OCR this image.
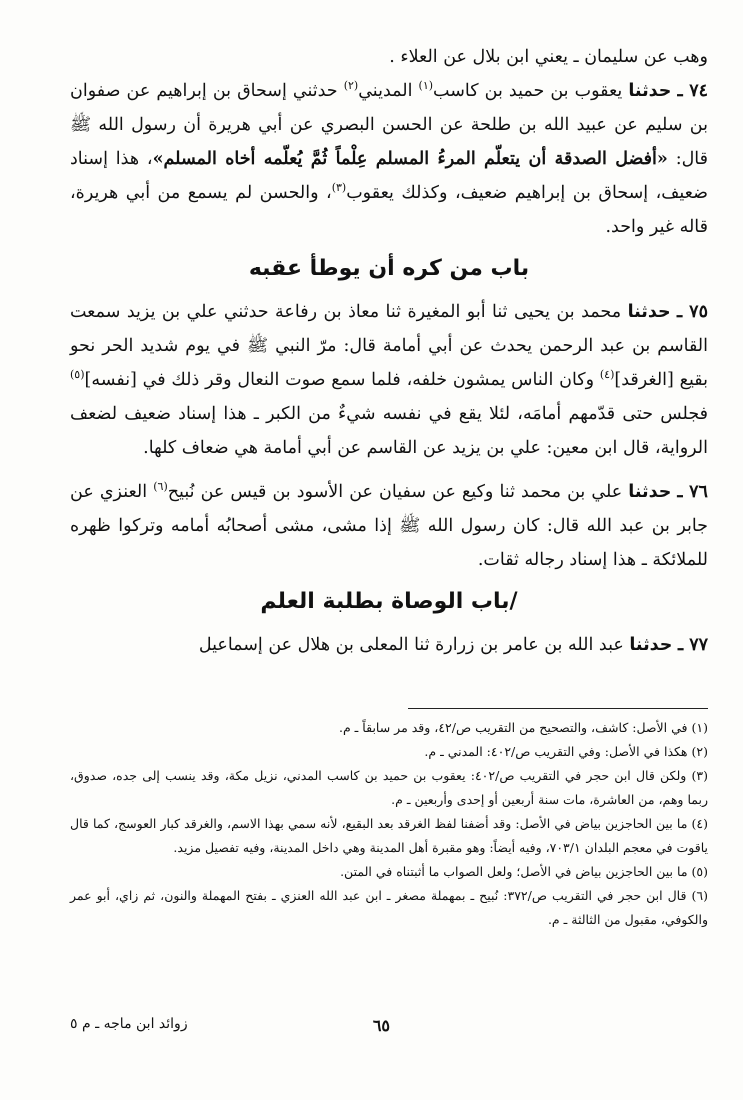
وهب عن سليمان ـ يعني ابن بلال عن العلاء .

٧٤ ـ حدثنا يعقوب بن حميد بن كاسب$^{(١)}$ المديني$^{(٢)}$ حدثني إسحاق بن إبراهيم عن صفوان بن سليم عن عبيد الله بن طلحة عن الحسن البصري عن أبي هريرة أن رسول الله ﷺ قال: «أفضل الصدقة أن يتعلّم المرءُ المسلم عِلْماً ثُمَّ يُعلّمه أخاه المسلم»، هذا إسناد ضعيف، إسحاق بن إبراهيم ضعيف، وكذلك يعقوب$^{(٣)}$، والحسن لم يسمع من أبي هريرة، قاله غير واحد.

باب من كره أن يوطأ عقبه

٧٥ ـ حدثنا محمد بن يحيى ثنا أبو المغيرة ثنا معاذ بن رفاعة حدثني علي بن يزيد سمعت القاسم بن عبد الرحمن يحدث عن أبي أمامة قال: مرّ النبي ﷺ في يوم شديد الحر نحو بقيع [الغرقد]$^{(٤)}$ وكان الناس يمشون خلفه، فلما سمع صوت النعال وقر ذلك في [نفسه]$^{(٥)}$ فجلس حتى قدّمهم أمامَه، لئلا يقع في نفسه شيءٌ من الكبر ـ هذا إسناد ضعيف لضعف الرواية، قال ابن معين: علي بن يزيد عن القاسم عن أبي أمامة هي ضعاف كلها.

٧٦ ـ حدثنا علي بن محمد ثنا وكيع عن سفيان عن الأسود بن قيس عن نُبيح$^{(٦)}$ العنزي عن جابر بن عبد الله قال: كان رسول الله ﷺ إذا مشى، مشى أصحابُه أمامه وتركوا ظهره للملائكة ـ هذا إسناد رجاله ثقات.

/باب الوصاة بطلبة العلم

٧٧ ـ حدثنا عبد الله بن عامر بن زرارة ثنا المعلى بن هلال عن إسماعيل

(١) في الأصل: كاشف، والتصحيح من التقريب ص/٤٢، وقد مر سابقاً ـ م.

(٢) هكذا في الأصل: وفي التقريب ص/٤٠٢: المدني ـ م.

(٣) ولكن قال ابن حجر في التقريب ص/٤٠٢: يعقوب بن حميد بن كاسب المدني، نزيل مكة، وقد ينسب إلى جده، صدوق، ربما وهم، من العاشرة، مات سنة أربعين أو إحدى وأربعين ـ م.

(٤) ما بين الحاجزين بياض في الأصل: وقد أضفنا لفظ الغرقد بعد البقيع، لأنه سمي بهذا الاسم، والغرقد كبار العوسج، كما قال ياقوت في معجم البلدان ٧٠٣/١، وفيه أيضاً: وهو مقبرة أهل المدينة وهي داخل المدينة، وفيه تفصيل مزيد.

(٥) ما بين الحاجزين بياض في الأصل؛ ولعل الصواب ما أثبتناه في المتن.

(٦) قال ابن حجر في التقريب ص/٣٧٢: نُبيح ـ بمهملة مصغر ـ ابن عبد الله العنزي ـ بفتح المهملة والنون، ثم زاي، أبو عمر والكوفي، مقبول من الثالثة ـ م.

٦٥
زوائد ابن ماجه ـ م ٥
